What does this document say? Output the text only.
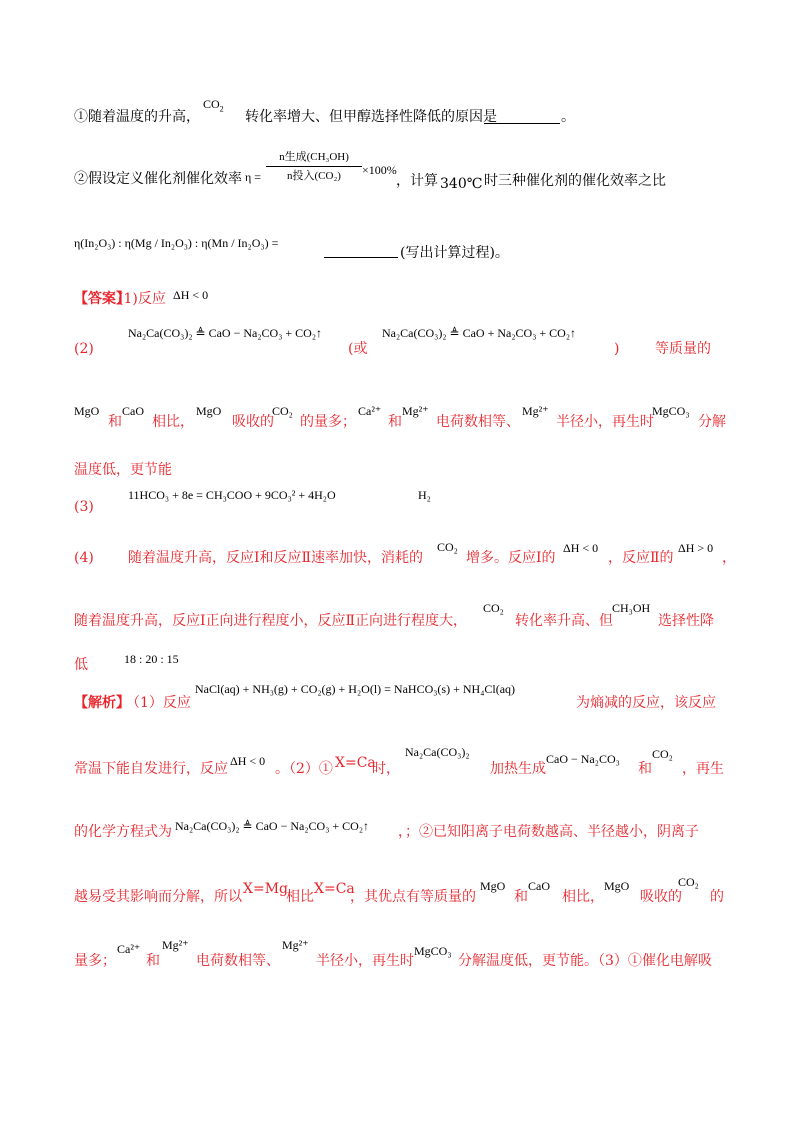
①随着温度的升高，
$CO_2$
转化率增大、但甲醇选择性降低的原因是	。
②假设定义催化剂催化效率 η =
n生成(CH₃OH)
n投入(CO₂)	×100%
，计算 340℃ 时三种催化剂的催化效率之比
η(In₂O₃) : η(Mg / In₂O₃) : η(Mn / In₂O₃) =
(写出计算过程)。
【答案】
(1)反应 ΔH < 0
(2)
Na₂Ca(CO₃)₂ ≜ CaO − Na₂CO₃ + CO₂↑
(或
Na₂Ca(CO₃)₂ ≜ CaO + Na₂CO₃ + CO₂↑
)	等质量的
MgO
和
CaO
相比，
MgO
吸收的
CO₂
的量多；
Ca²⁺
和
Mg²⁺
电荷数相等、
Mg²⁺
半径小，再生时
MgCO₃
分解
温度低，更节能
(3)
11HCO₃ + 8e = CH₃COO + 9CO₃² + 4H₂O	H₂
(4) 随着温度升高，反应Ⅰ和反应Ⅱ速率加快，消耗的
CO₂
增多。反应Ⅰ的
ΔH < 0
，反应Ⅱ的
ΔH > 0
，
随着温度升高，反应Ⅰ正向进行程度小，反应Ⅱ正向进行程度大，
CO₂
转化率升高、但
CH₃OH
选择性降
低	18 : 20 : 15
【解析】
（1）反应
NaCl(aq) + NH₃(g) + CO₂(g) + H₂O(l) = NaHCO₃(s) + NH₄Cl(aq)
为熵减的反应，该反应
常温下能自发进行，反应 ΔH < 0 。（2）① X=Ca
时，
Na₂Ca(CO₃)₂
加热生成
CaO − Na₂CO₃
和
CO₂
，再生
的化学方程式为 Na₂Ca(CO₃)₂ ≜ CaO − Na₂CO₃ + CO₂↑ ，；②已知阳离子电荷数越高、半径越小，阴离子
越易受其影响而分解，所以 X=Mg
相比 X=Ca
，其优点有等质量的
MgO
和
CaO
相比，
MgO
吸收的
CO₂
的
量多；
Ca²⁺
和
Mg²⁺
电荷数相等、
Mg²⁺
半径小，再生时
MgCO₃
分解温度低，更节能。（3）①催化电解吸
